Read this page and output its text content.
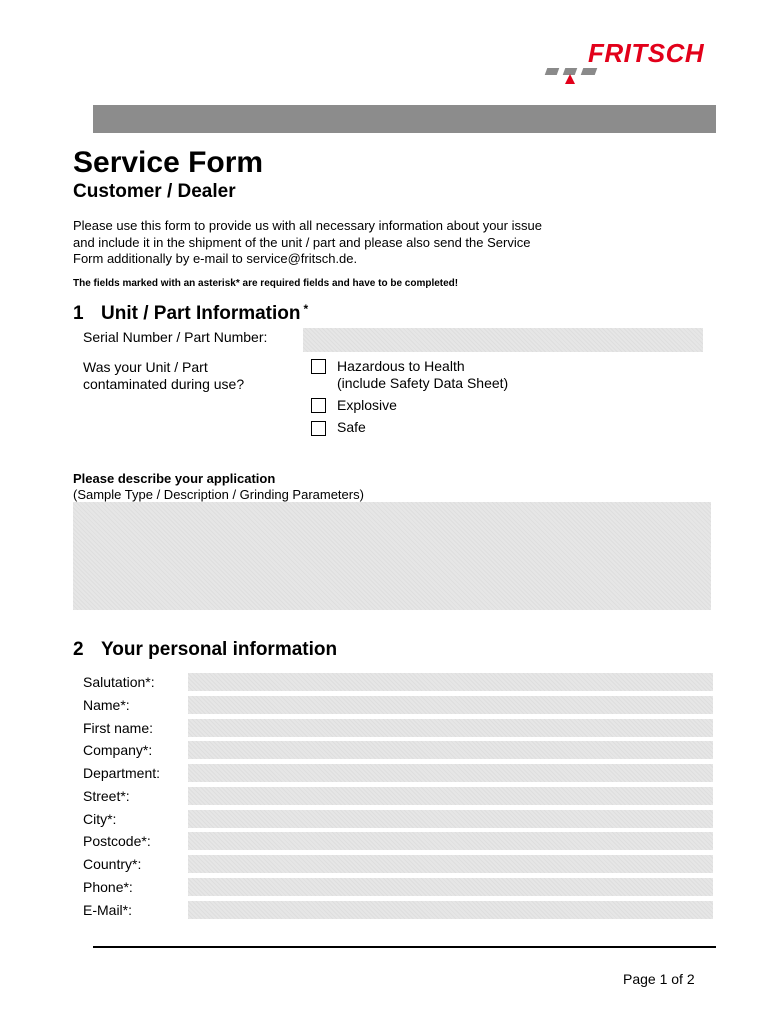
FRITSCH
Service Form
Customer / Dealer
Please use this form to provide us with all necessary information about your issue
and include it in the shipment of the unit / part and please also send the Service
Form additionally by e-mail to service@fritsch.de.
The fields marked with an asterisk* are required fields and have to be completed!
1 Unit / Part Information *
Serial Number / Part Number:
Was your Unit / Part
contaminated during use?
Hazardous to Health
(include Safety Data Sheet)
Explosive
Safe
Please describe your application
(Sample Type / Description / Grinding Parameters)
2 Your personal information
Salutation*:
Name*:
First name:
Company*:
Department:
Street*:
City*:
Postcode*:
Country*:
Phone*:
E-Mail*:
Page 1 of 2
